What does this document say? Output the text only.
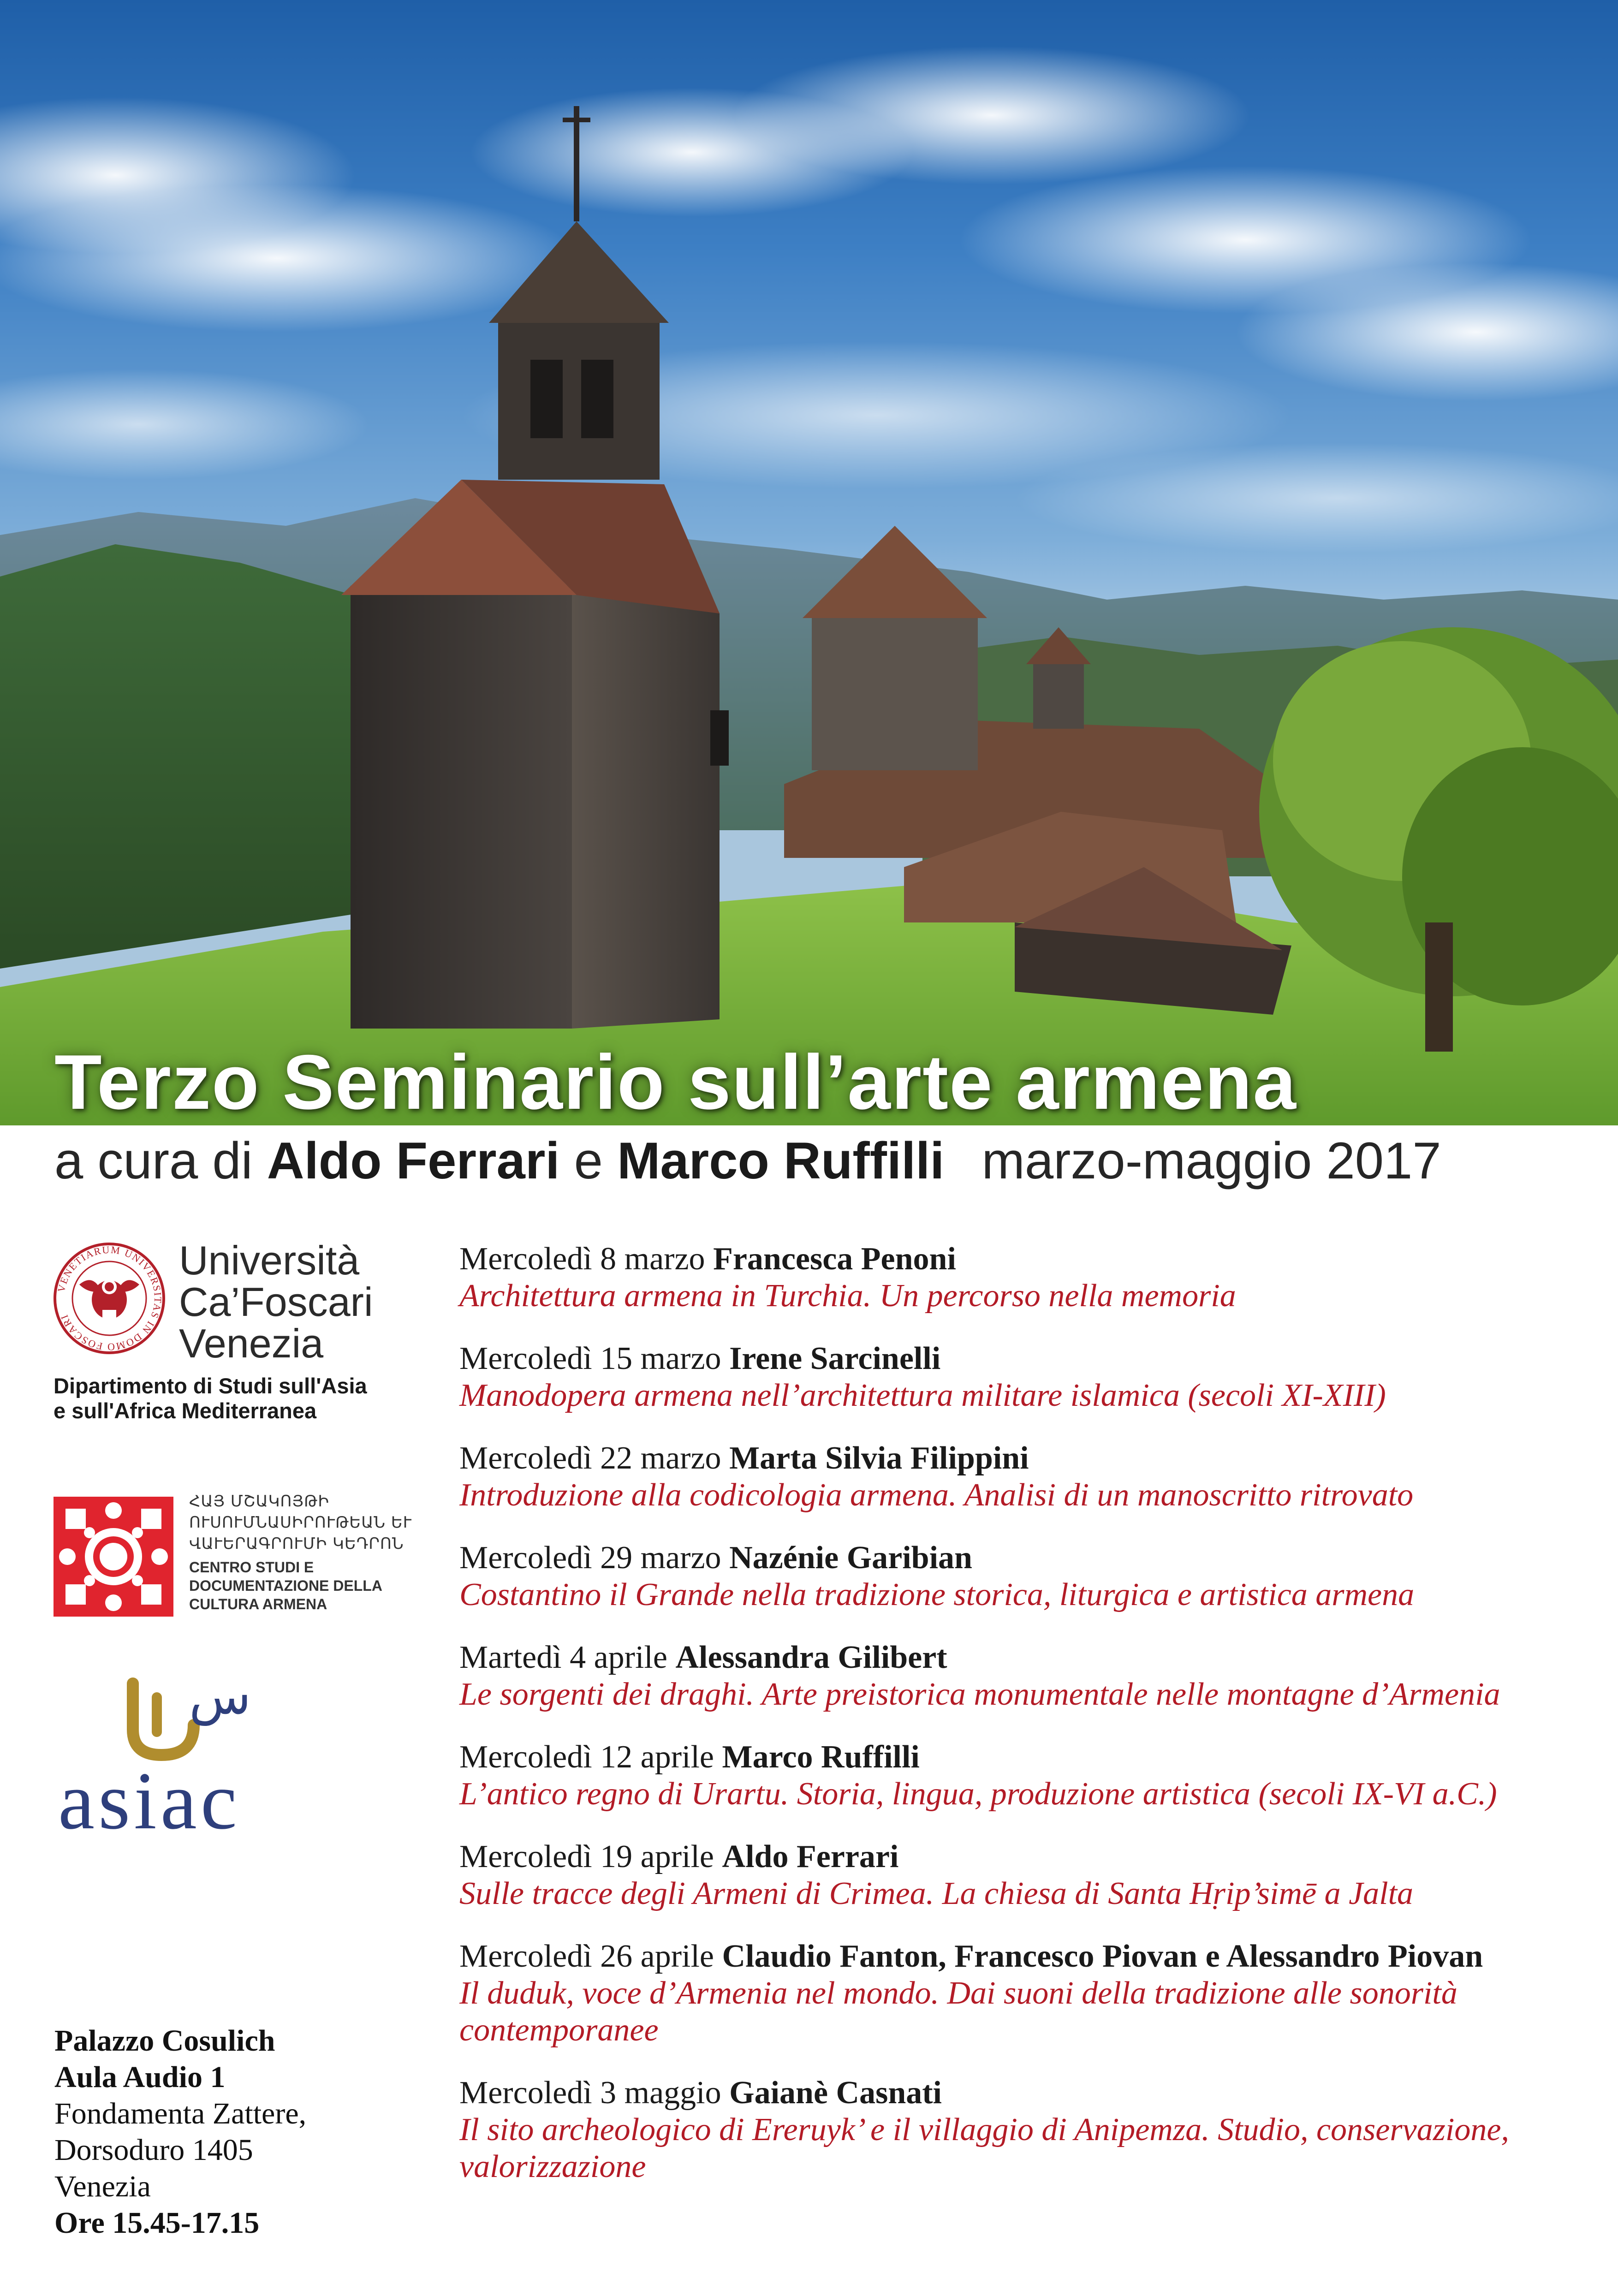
Terzo Seminario sull’arte armena
a cura di Aldo Ferrari e Marco Ruffilli marzo-maggio 2017
VENETIARUM UNIVERSITAS IN DOMO FOSCARI
Università
Ca’Foscari
Venezia
Dipartimento di Studi sull'Asia
e sull'Africa Mediterranea
ՀԱՅ ՄՇԱԿՈՅԹԻ
ՈՒՍՈՒՄՆԱՍԻՐՈՒԹԵԱՆ ԵՒ
ՎԱՒԵՐԱԳՐՈՒՄԻ ԿԵԴՐՈՆ
CENTRO STUDI E
DOCUMENTAZIONE DELLA
CULTURA ARMENA
س
asiac
Palazzo Cosulich
Aula Audio 1
Fondamenta Zattere,
Dorsoduro 1405
Venezia
Ore 15.45-17.15
Mercoledì 8 marzo Francesca Penoni
Architettura armena in Turchia. Un percorso nella memoria
Mercoledì 15 marzo Irene Sarcinelli
Manodopera armena nell’architettura militare islamica (secoli XI-XIII)
Mercoledì 22 marzo Marta Silvia Filippini
Introduzione alla codicologia armena. Analisi di un manoscritto ritrovato
Mercoledì 29 marzo Nazénie Garibian
Costantino il Grande nella tradizione storica, liturgica e artistica armena
Martedì 4 aprile Alessandra Gilibert
Le sorgenti dei draghi. Arte preistorica monumentale nelle montagne d’Armenia
Mercoledì 12 aprile Marco Ruffilli
L’antico regno di Urartu. Storia, lingua, produzione artistica (secoli IX-VI a.C.)
Mercoledì 19 aprile Aldo Ferrari
Sulle tracce degli Armeni di Crimea. La chiesa di Santa Hṛip’simē a Jalta
Mercoledì 26 aprile Claudio Fanton, Francesco Piovan e Alessandro Piovan
Il duduk, voce d’Armenia nel mondo. Dai suoni della tradizione alle sonorità contemporanee
Mercoledì 3 maggio Gaianè Casnati
Il sito archeologico di Ereruyk’ e il villaggio di Anipemza. Studio, conservazione, valorizzazione
